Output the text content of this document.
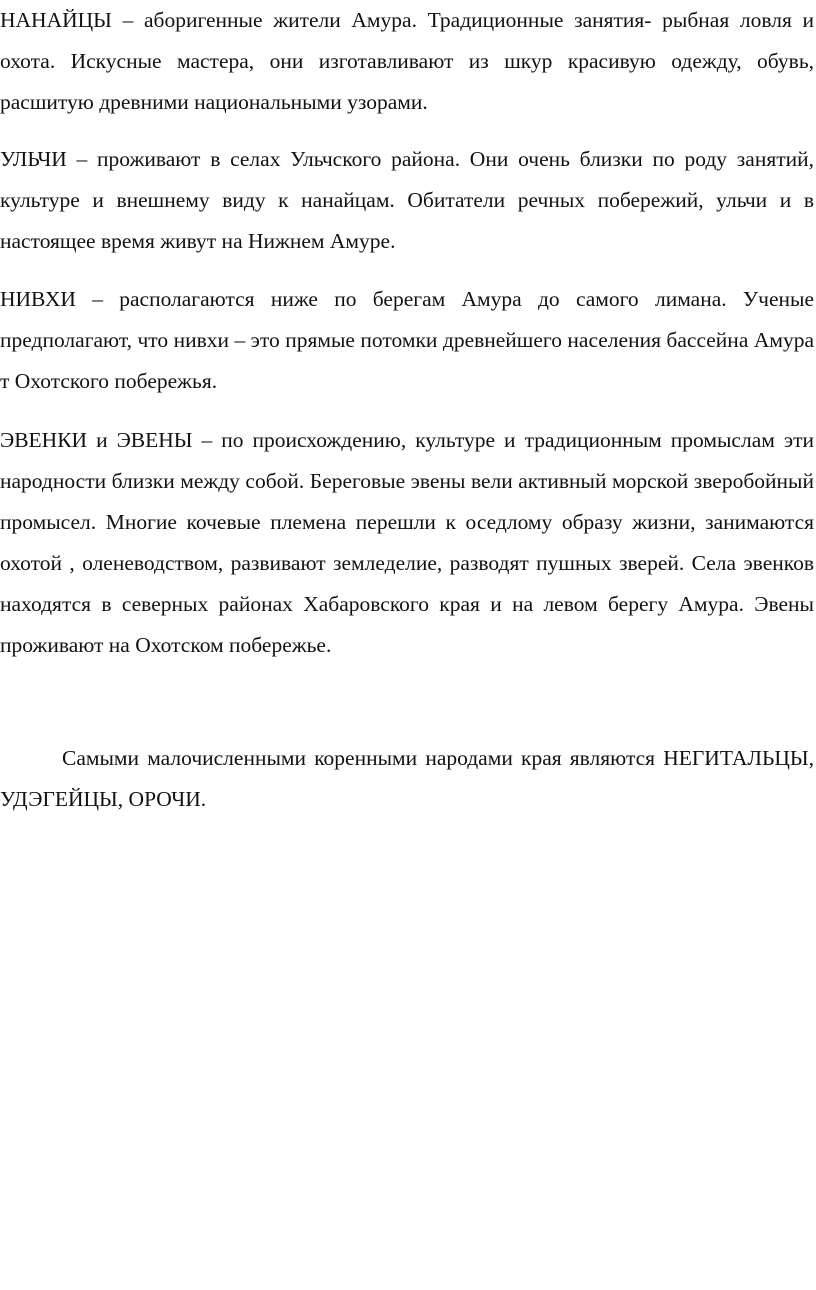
НАНАЙЦЫ – аборигенные жители Амура. Традиционные занятия- рыбная ловля и охота. Искусные мастера, они изготавливают из шкур красивую одежду, обувь, расшитую древними национальными узорами.

УЛЬЧИ – проживают в селах Ульчского района. Они очень близки по роду занятий, культуре и внешнему виду к нанайцам. Обитатели речных побережий, ульчи и в настоящее время живут на Нижнем Амуре.

НИВХИ – располагаются ниже по берегам Амура до самого лимана. Ученые предполагают, что нивхи – это прямые потомки древнейшего населения бассейна Амура т Охотского побережья.

ЭВЕНКИ и ЭВЕНЫ – по происхождению, культуре и традиционным промыслам эти народности близки между собой. Береговые эвены вели активный морской зверобойный промысел. Многие кочевые племена перешли к оседлому образу жизни, занимаются охотой , оленеводством, развивают земледелие, разводят пушных зверей. Села эвенков находятся в северных районах Хабаровского края и на левом берегу Амура. Эвены проживают на Охотском побережье.

Самыми малочисленными коренными народами края являются НЕГИТАЛЬЦЫ, УДЭГЕЙЦЫ, ОРОЧИ.
